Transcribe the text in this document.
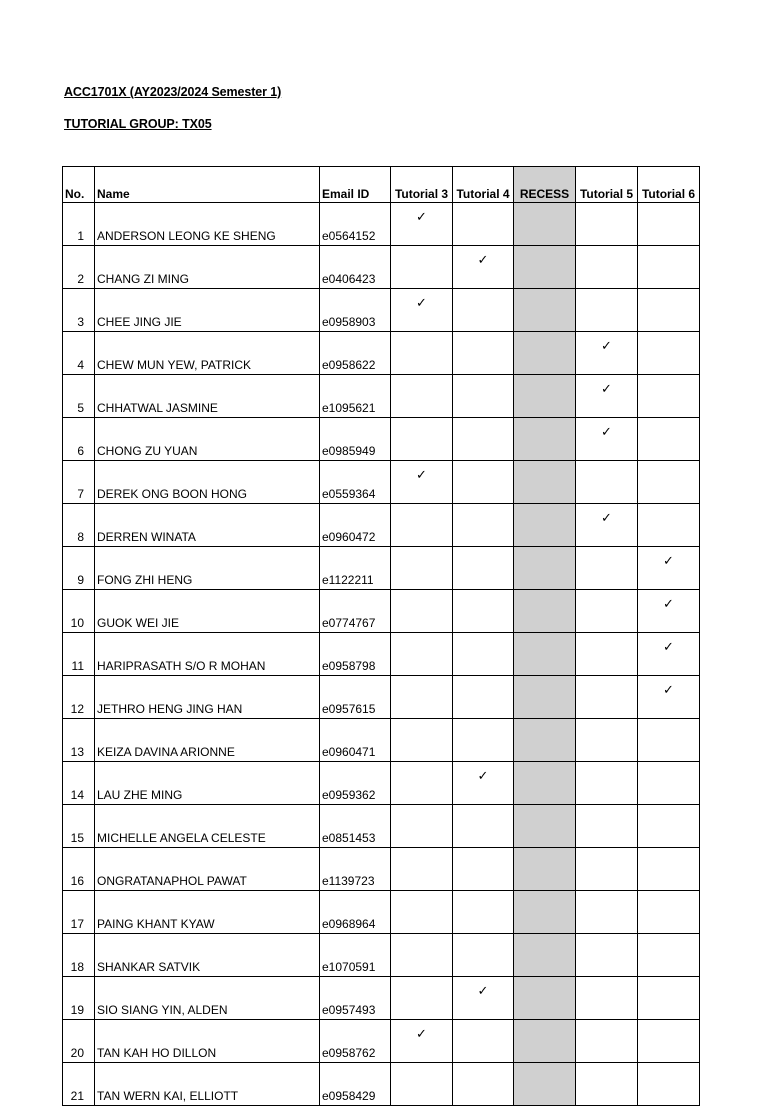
ACC1701X (AY2023/2024 Semester 1)
TUTORIAL GROUP: TX05
No.	Name	Email ID	Tutorial 3	Tutorial 4	RECESS	Tutorial 5	Tutorial 6
1	ANDERSON LEONG KE SHENG	e0564152	✓				
2	CHANG ZI MING	e0406423		✓			
3	CHEE JING JIE	e0958903	✓				
4	CHEW MUN YEW, PATRICK	e0958622				✓	
5	CHHATWAL JASMINE	e1095621				✓	
6	CHONG ZU YUAN	e0985949				✓	
7	DEREK ONG BOON HONG	e0559364	✓				
8	DERREN WINATA	e0960472				✓	
9	FONG ZHI HENG	e1122211					✓
10	GUOK WEI JIE	e0774767					✓
11	HARIPRASATH S/O R MOHAN	e0958798					✓
12	JETHRO HENG JING HAN	e0957615					✓
13	KEIZA DAVINA ARIONNE	e0960471					
14	LAU ZHE MING	e0959362		✓			
15	MICHELLE ANGELA CELESTE	e0851453					
16	ONGRATANAPHOL PAWAT	e1139723					
17	PAING KHANT KYAW	e0968964					
18	SHANKAR SATVIK	e1070591					
19	SIO SIANG YIN, ALDEN	e0957493		✓			
20	TAN KAH HO DILLON	e0958762	✓				
21	TAN WERN KAI, ELLIOTT	e0958429					
